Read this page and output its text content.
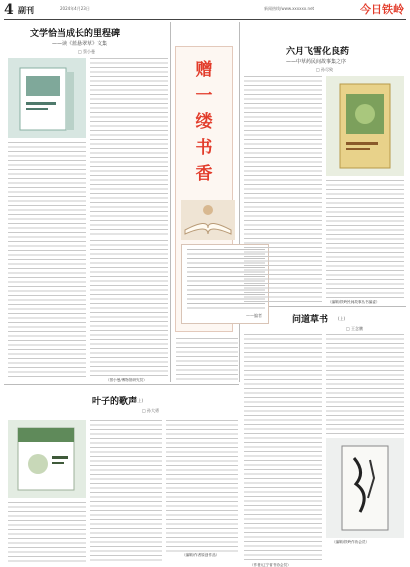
4 副刊	2024年4月23日	新闻热线/www.xxxxxx.net	今日铁岭
文学恰当成长的里程碑
——读《蓝悬翠草》文集
□ 蔡小曼
（蔡小曼/博物馆研究员）
赠
一
缕
书
香
——编者
六月飞雪化良药
——中草药民间故事集之序
□ 孙尽致
（编辑/铁岭民间故事丛书编委）
问道草书 (上)
□ 王念鹏
（编辑/铁岭作协会员）
叶子的歌声
(上)
□ 孙大勇
（编辑/作者原创作品）
（作者/辽宁省书协会员）
